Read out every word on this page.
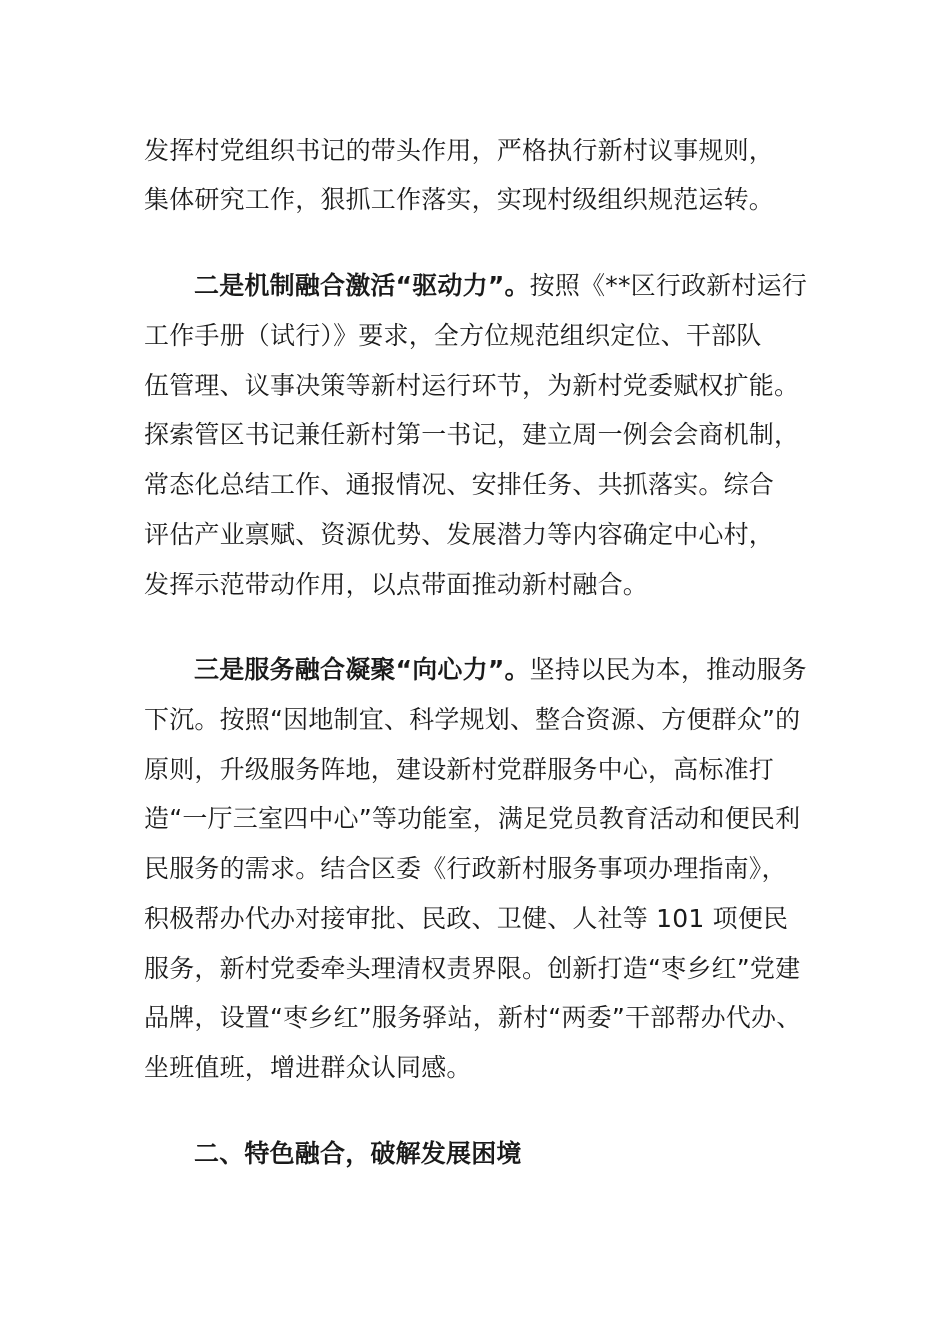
发挥村党组织书记的带头作用，严格执行新村议事规则，
集体研究工作，狠抓工作落实，实现村级组织规范运转。
二是机制融合激活“驱动力”。按照《**区行政新村运行
工作手册（试行）》要求，全方位规范组织定位、干部队
伍管理、议事决策等新村运行环节，为新村党委赋权扩能。
探索管区书记兼任新村第一书记，建立周一例会会商机制，
常态化总结工作、通报情况、安排任务、共抓落实。综合
评估产业禀赋、资源优势、发展潜力等内容确定中心村，
发挥示范带动作用，以点带面推动新村融合。
三是服务融合凝聚“向心力”。坚持以民为本，推动服务
下沉。按照“因地制宜、科学规划、整合资源、方便群众”的
原则，升级服务阵地，建设新村党群服务中心，高标准打
造“一厅三室四中心”等功能室，满足党员教育活动和便民利
民服务的需求。结合区委《行政新村服务事项办理指南》，
积极帮办代办对接审批、民政、卫健、人社等 101 项便民
服务，新村党委牵头理清权责界限。创新打造“枣乡红”党建
品牌，设置“枣乡红”服务驿站，新村“两委”干部帮办代办、
坐班值班，增进群众认同感。
二、特色融合，破解发展困境
